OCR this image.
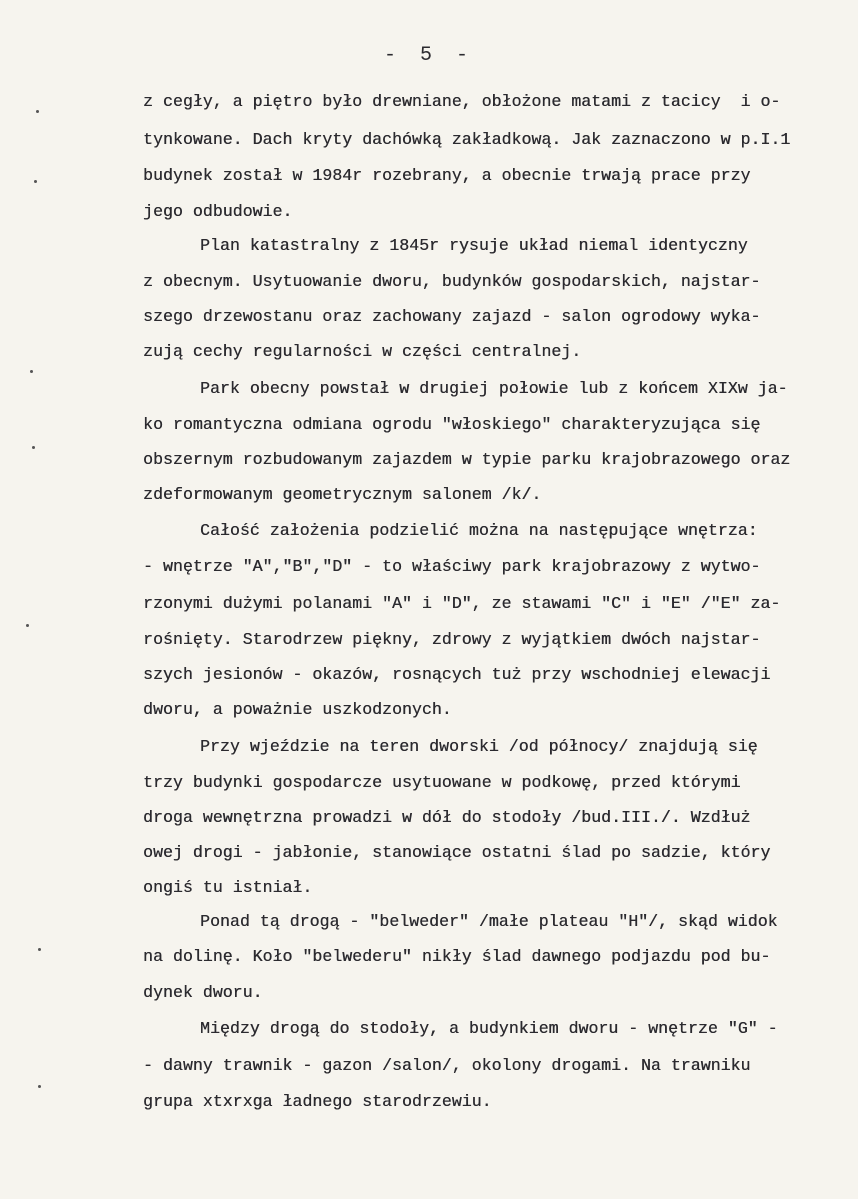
- 5 -
z cegły, a piętro było drewniane, obłożone matami z tacicy  i o-
tynkowane. Dach kryty dachówką zakładkową. Jak zaznaczono w p.I.1
budynek został w 1984r rozebrany, a obecnie trwają prace przy
jego odbudowie.
Plan katastralny z 1845r rysuje układ niemal identyczny
z obecnym. Usytuowanie dworu, budynków gospodarskich, najstar-
szego drzewostanu oraz zachowany zajazd - salon ogrodowy wyka-
zują cechy regularności w części centralnej.
Park obecny powstał w drugiej połowie lub z końcem XIXw ja-
ko romantyczna odmiana ogrodu "włoskiego" charakteryzująca się
obszernym rozbudowanym zajazdem w typie parku krajobrazowego oraz
zdeformowanym geometrycznym salonem /k/.
Całość założenia podzielić można na następujące wnętrza:
- wnętrze "A","B","D" - to właściwy park krajobrazowy z wytwo-
rzonymi dużymi polanami "A" i "D", ze stawami "C" i "E" /"E" za-
rośnięty. Starodrzew piękny, zdrowy z wyjątkiem dwóch najstar-
szych jesionów - okazów, rosnących tuż przy wschodniej elewacji
dworu, a poważnie uszkodzonych.
Przy wjeździe na teren dworski /od północy/ znajdują się
trzy budynki gospodarcze usytuowane w podkowę, przed którymi
droga wewnętrzna prowadzi w dół do stodoły /bud.III./. Wzdłuż
owej drogi - jabłonie, stanowiące ostatni ślad po sadzie, który
ongiś tu istniał.
Ponad tą drogą - "belweder" /małe plateau "H"/, skąd widok
na dolinę. Koło "belwederu" nikły ślad dawnego podjazdu pod bu-
dynek dworu.
Między drogą do stodoły, a budynkiem dworu - wnętrze "G" -
- dawny trawnik - gazon /salon/, okolony drogami. Na trawniku
grupa xtxrxga ładnego starodrzewiu.
